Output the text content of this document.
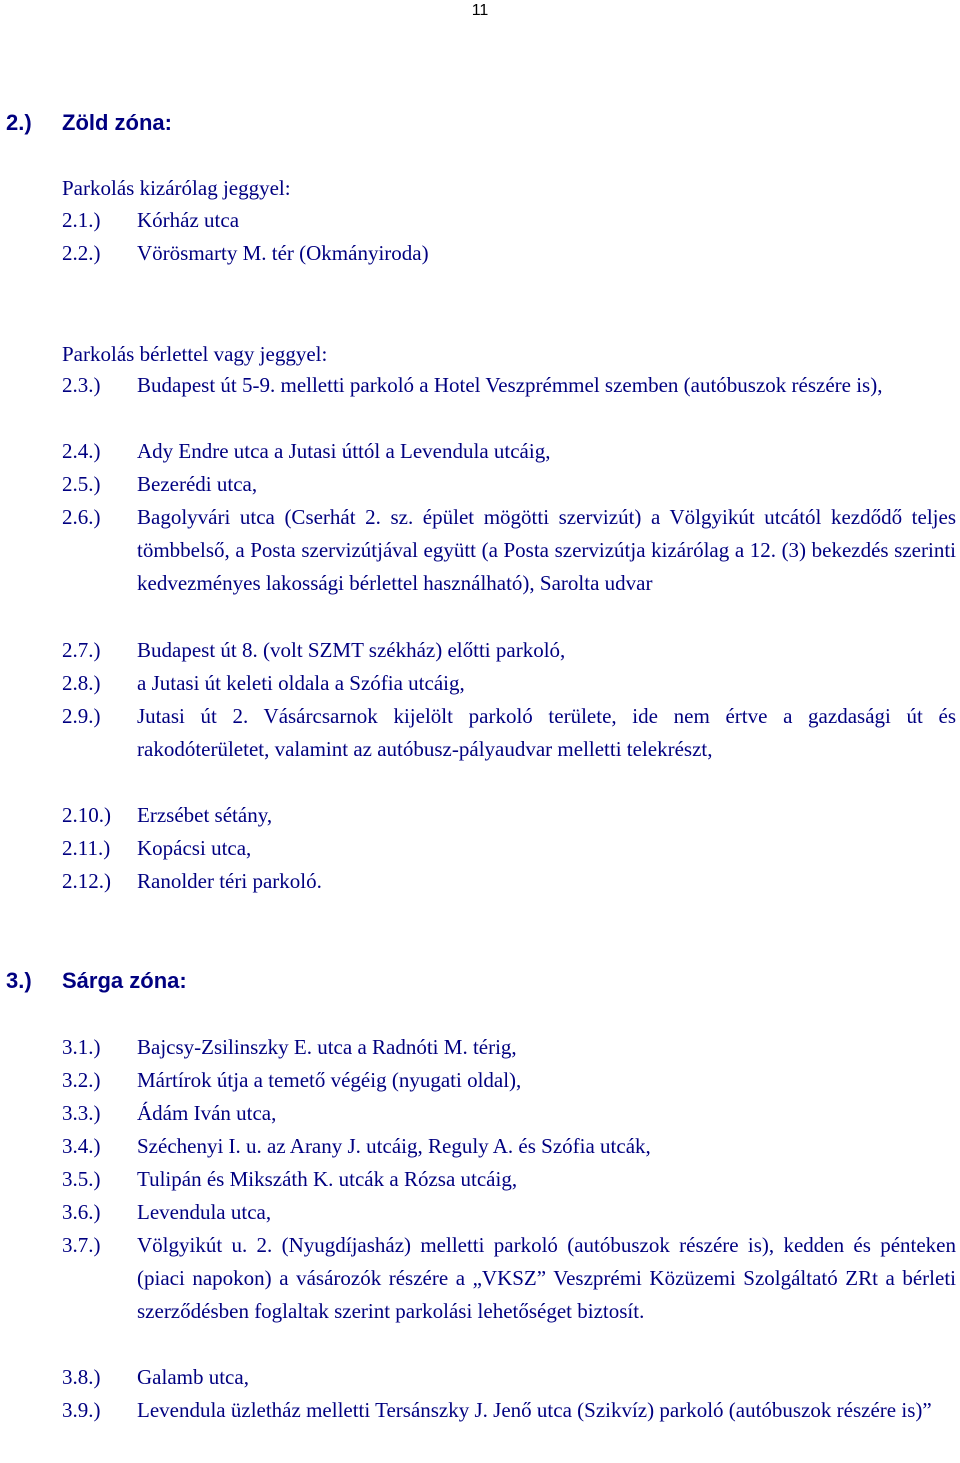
11
2.) Zöld zóna:
Parkolás kizárólag jeggyel:
2.1.) Kórház utca
2.2.) Vörösmarty M. tér (Okmányiroda)
Parkolás bérlettel vagy jeggyel:
2.3.) Budapest út 5-9. melletti parkoló a Hotel Veszprémmel szemben (autóbuszok részére is),
2.4.) Ady Endre utca a Jutasi úttól a Levendula utcáig,
2.5.) Bezerédi utca,
2.6.) Bagolyvári utca (Cserhát 2. sz. épület mögötti szervizút) a Völgyikút utcától kezdődő teljes tömbbelső, a Posta szervizútjával együtt (a Posta szervizútja kizárólag a 12. (3) bekezdés szerinti kedvezményes lakossági bérlettel használható), Sarolta udvar
2.7.) Budapest út 8. (volt SZMT székház) előtti parkoló,
2.8.) a Jutasi út keleti oldala a Szófia utcáig,
2.9.) Jutasi út 2. Vásárcsarnok kijelölt parkoló területe, ide nem értve a gazdasági út és rakodóterületet, valamint az autóbusz-pályaudvar melletti telekrészt,
2.10.) Erzsébet sétány,
2.11.) Kopácsi utca,
2.12.) Ranolder téri parkoló.
3.) Sárga zóna:
3.1.) Bajcsy-Zsilinszky E. utca a Radnóti M. térig,
3.2.) Mártírok útja a temető végéig (nyugati oldal),
3.3.) Ádám Iván utca,
3.4.) Széchenyi I. u. az Arany J. utcáig, Reguly A. és Szófia utcák,
3.5.) Tulipán és Mikszáth K. utcák a Rózsa utcáig,
3.6.) Levendula utca,
3.7.) Völgyikút u. 2. (Nyugdíjasház) melletti parkoló (autóbuszok részére is), kedden és pénteken (piaci napokon) a vásározók részére a „VKSZ” Veszprémi Közüzemi Szolgáltató ZRt a bérleti szerződésben foglaltak szerint parkolási lehetőséget biztosít.
3.8.) Galamb utca,
3.9.) Levendula üzletház melletti Tersánszky J. Jenő utca (Szikvíz) parkoló (autóbuszok részére is)”
